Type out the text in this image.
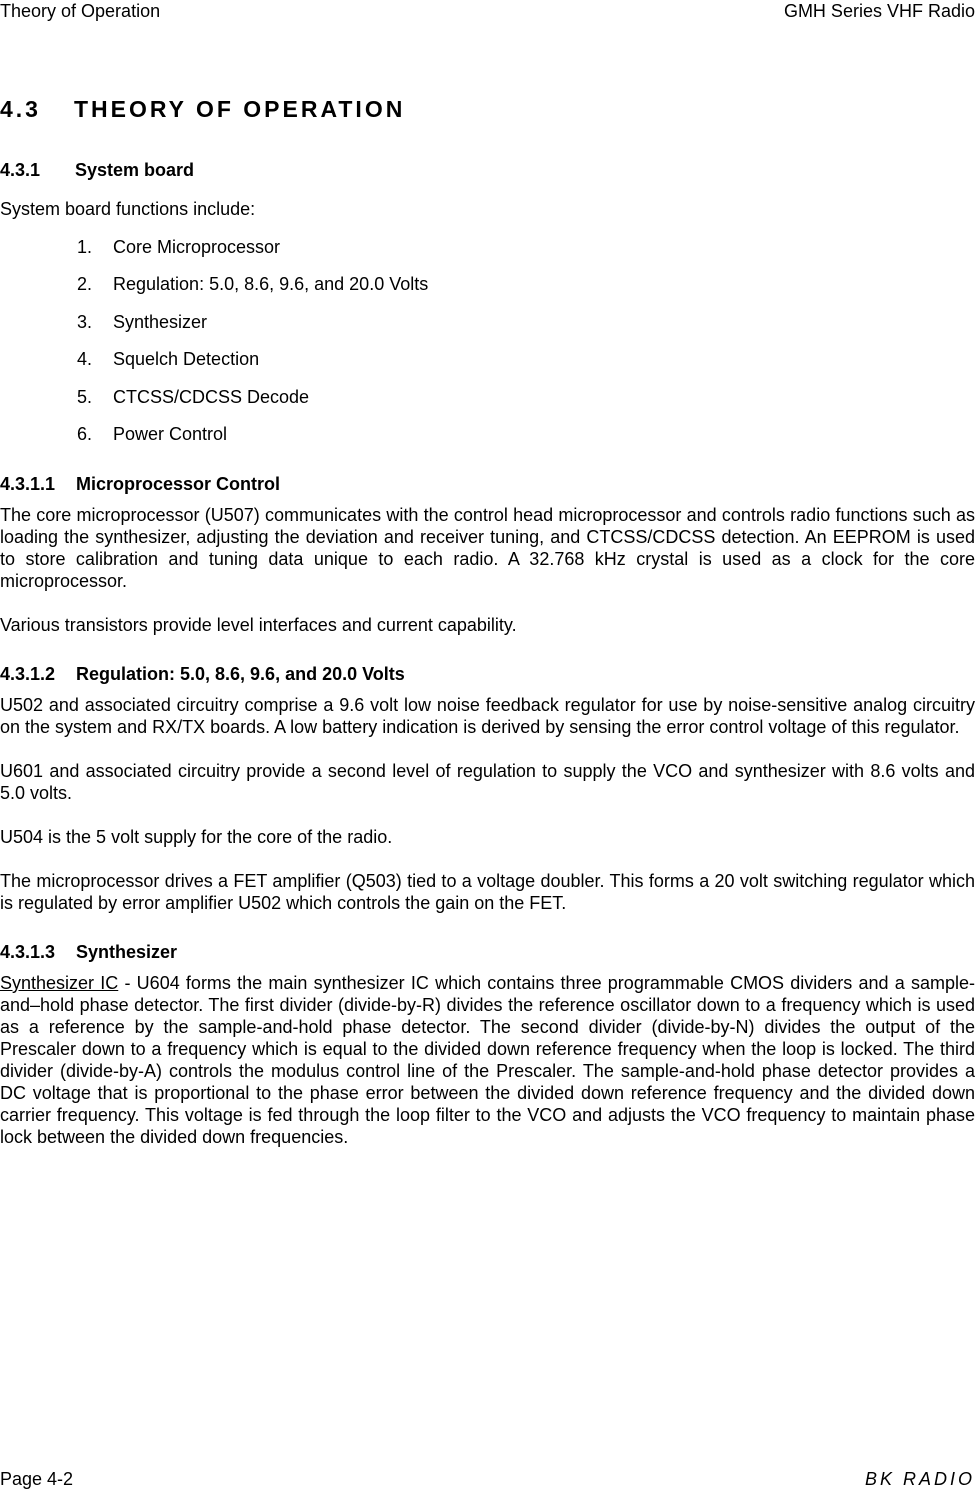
Theory of Operation	GMH Series VHF Radio
4.3 THEORY OF OPERATION
4.3.1 System board

System board functions include:

1. Core Microprocessor
2. Regulation: 5.0, 8.6, 9.6, and 20.0 Volts
3. Synthesizer
4. Squelch Detection
5. CTCSS/CDCSS Decode
6. Power Control
4.3.1.1 Microprocessor Control

The core microprocessor (U507) communicates with the control head microprocessor and controls radio functions such as loading the synthesizer, adjusting the deviation and receiver tuning, and CTCSS/CDCSS detection. An EEPROM is used to store calibration and tuning data unique to each radio. A 32.768 kHz crystal is used as a clock for the core microprocessor.

Various transistors provide level interfaces and current capability.

4.3.1.2 Regulation: 5.0, 8.6, 9.6, and 20.0 Volts

U502 and associated circuitry comprise a 9.6 volt low noise feedback regulator for use by noise-sensitive analog circuitry on the system and RX/TX boards. A low battery indication is derived by sensing the error control voltage of this regulator.

U601 and associated circuitry provide a second level of regulation to supply the VCO and synthesizer with 8.6 volts and 5.0 volts.

U504 is the 5 volt supply for the core of the radio.

The microprocessor drives a FET amplifier (Q503) tied to a voltage doubler. This forms a 20 volt switching regulator which is regulated by error amplifier U502 which controls the gain on the FET.

4.3.1.3 Synthesizer

Synthesizer IC - U604 forms the main synthesizer IC which contains three programmable CMOS dividers and a sample-and–hold phase detector. The first divider (divide-by-R) divides the reference oscillator down to a frequency which is used as a reference by the sample-and-hold phase detector. The second divider (divide-by-N) divides the output of the Prescaler down to a frequency which is equal to the divided down reference frequency when the loop is locked. The third divider (divide-by-A) controls the modulus control line of the Prescaler. The sample-and-hold phase detector provides a DC voltage that is proportional to the phase error between the divided down reference frequency and the divided down carrier frequency. This voltage is fed through the loop filter to the VCO and adjusts the VCO frequency to maintain phase lock between the divided down frequencies.

Page 4-2	BK RADIO
